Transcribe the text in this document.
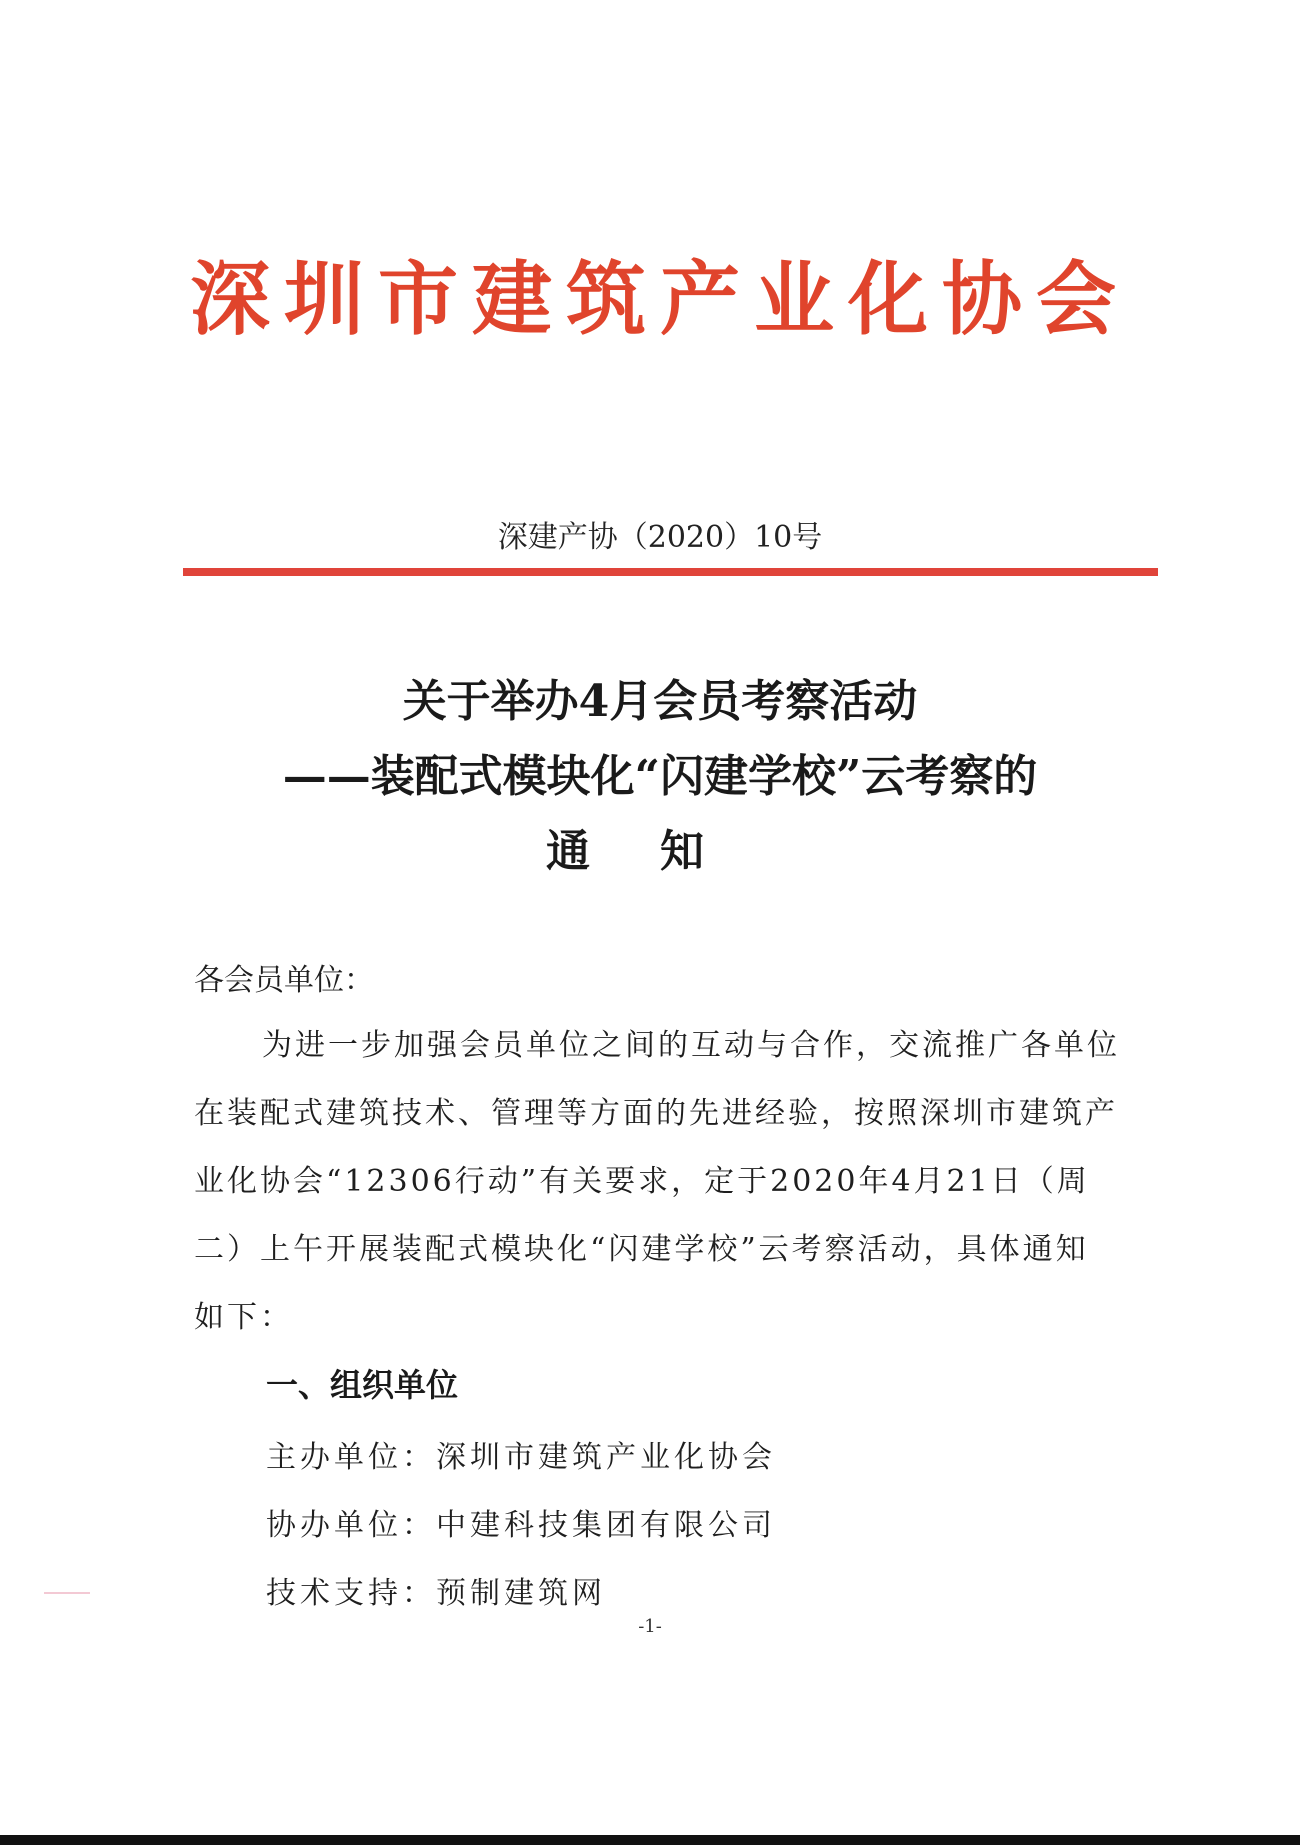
深圳市建筑产业化协会
深建产协（2020）10号
关于举办4月会员考察活动
——装配式模块化“闪建学校”云考察的
通知
各会员单位：
为进一步加强会员单位之间的互动与合作，交流推广各单位
在装配式建筑技术、管理等方面的先进经验，按照深圳市建筑产
业化协会“12306行动”有关要求，定于2020年4月21日（周
二）上午开展装配式模块化“闪建学校”云考察活动，具体通知
如下：
一、组织单位
主办单位：深圳市建筑产业化协会
协办单位：中建科技集团有限公司
技术支持：预制建筑网
-1-
